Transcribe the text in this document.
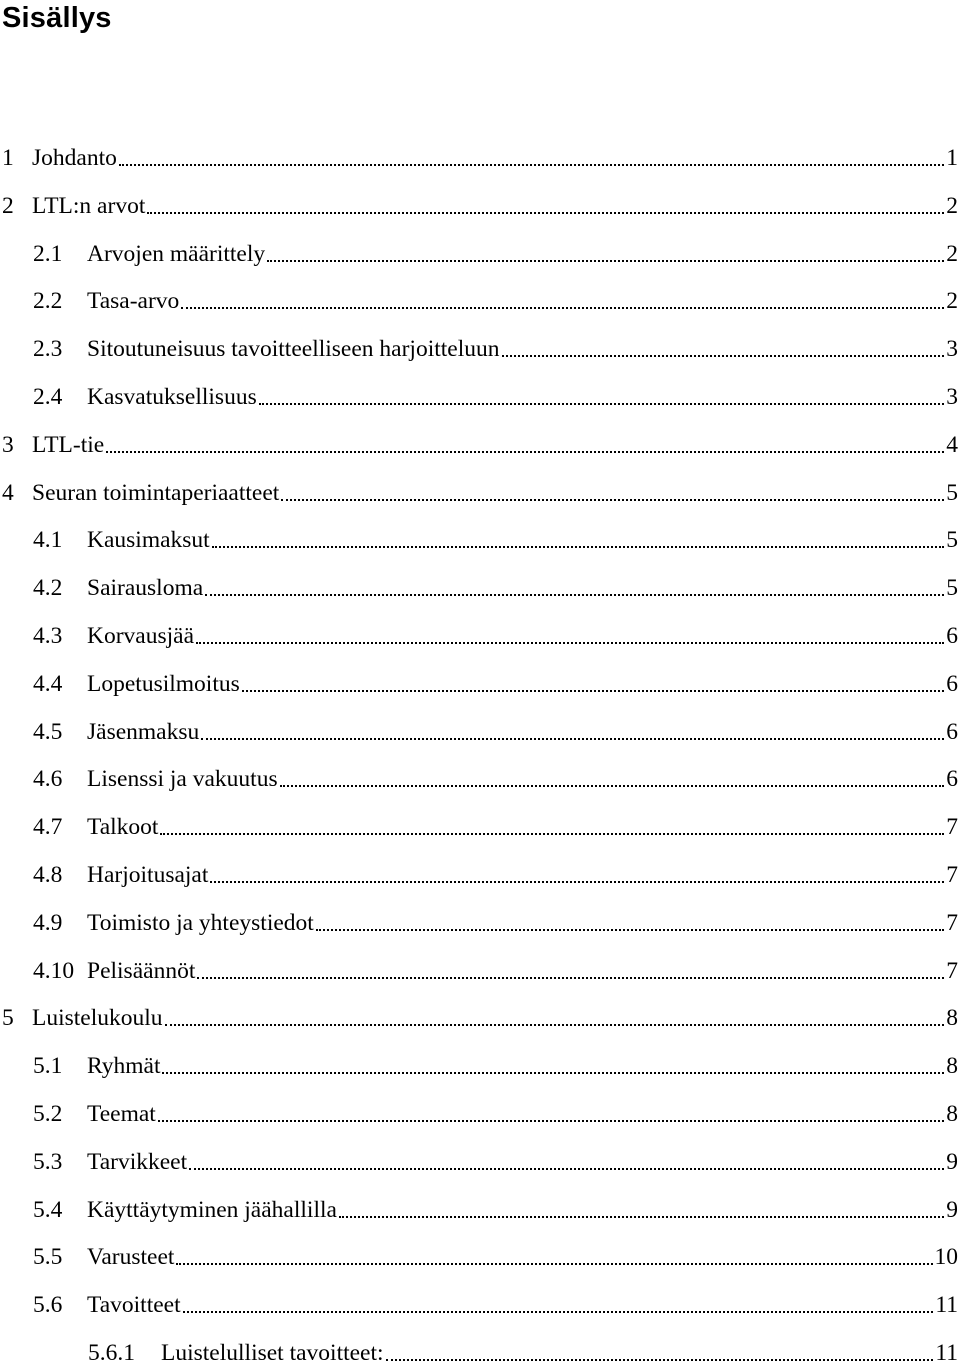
Sisällys
1 Johdanto	1
2 LTL:n arvot	2
2.1	Arvojen määrittely	2
2.2	Tasa-arvo	2
2.3	Sitoutuneisuus tavoitteelliseen harjoitteluun	3
2.4	Kasvatuksellisuus	3
3 LTL-tie	4
4 Seuran toimintaperiaatteet	5
4.1	Kausimaksut	5
4.2	Sairausloma	5
4.3	Korvausjää	6
4.4	Lopetusilmoitus	6
4.5	Jäsenmaksu	6
4.6	Lisenssi ja vakuutus	6
4.7	Talkoot	7
4.8	Harjoitusajat	7
4.9	Toimisto ja yhteystiedot	7
4.10 Pelisäännöt	7
5 Luistelukoulu	8
5.1	Ryhmät	8
5.2	Teemat	8
5.3	Tarvikkeet	9
5.4	Käyttäytyminen jäähallilla	9
5.5	Varusteet	10
5.6	Tavoitteet	11
5.6.1	Luistelulliset tavoitteet:	11
